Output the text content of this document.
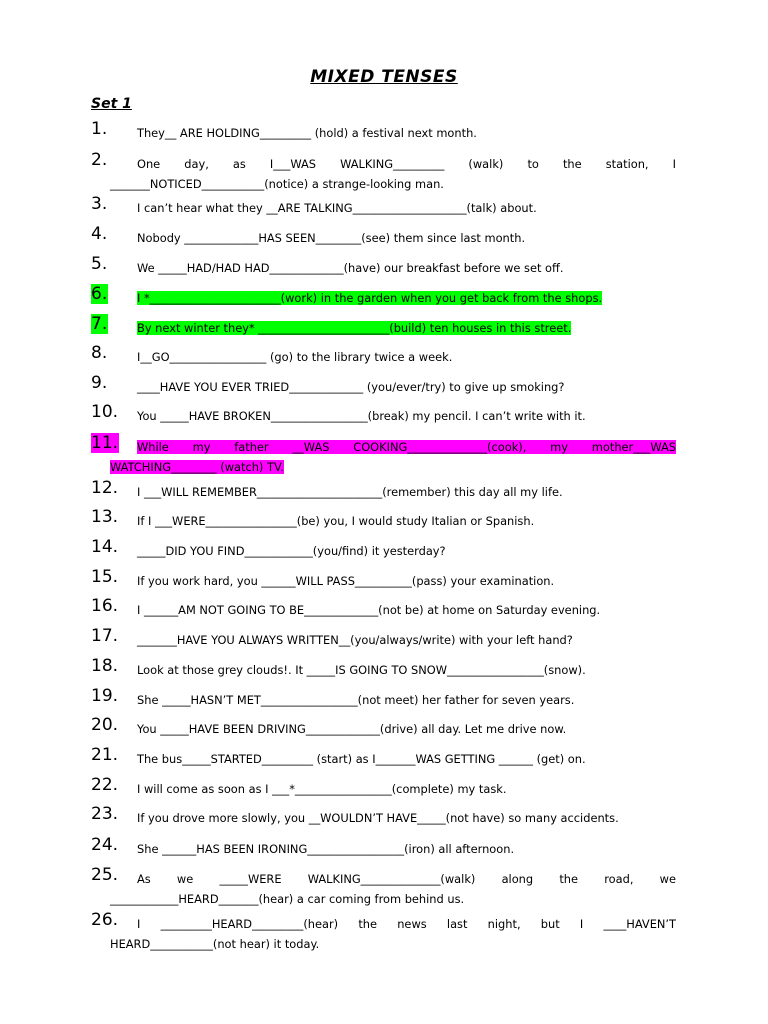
MIXED TENSES
Set 1
1.	They__ ARE HOLDING_________ (hold) a festival next month.
2.	One day, as I___WAS WALKING_________ (walk) to the station, I
_______NOTICED___________(notice) a strange-looking man.
3.	I can’t hear what they __ARE TALKING____________________(talk) about.
4.	Nobody _____________HAS SEEN________(see) them since last month.
5.	We _____HAD/HAD HAD_____________(have) our breakfast before we set off.
6.	I *_______________________(work) in the garden when you get back from the shops.
7.	By next winter they* _______________________(build) ten houses in this street.
8.	I__GO_________________ (go) to the library twice a week.
9.	____HAVE YOU EVER TRIED_____________ (you/ever/try) to give up smoking?
10. You _____HAVE BROKEN_________________(break) my pencil. I can’t write with it.
11. While my father __WAS COOKING______________(cook), my mother___WAS
WATCHING________ (watch) TV.
12. I ___WILL REMEMBER______________________(remember) this day all my life.
13. If I ___WERE________________(be) you, I would study Italian or Spanish.
14. _____DID YOU FIND____________(you/find) it yesterday?
15. If you work hard, you ______WILL PASS__________(pass) your examination.
16. I ______AM NOT GOING TO BE_____________(not be) at home on Saturday evening.
17. _______HAVE YOU ALWAYS WRITTEN__(you/always/write) with your left hand?
18. Look at those grey clouds!. It _____IS GOING TO SNOW_________________(snow).
19. She _____HASN’T MET_________________(not meet) her father for seven years.
20. You _____HAVE BEEN DRIVING_____________(drive) all day. Let me drive now.
21. The bus_____STARTED_________ (start) as I_______WAS GETTING ______ (get) on.
22. I will come as soon as I ___*_________________(complete) my task.
23. If you drove more slowly, you __WOULDN’T HAVE_____(not have) so many accidents.
24. She ______HAS BEEN IRONING_________________(iron) all afternoon.
25. As we _____WERE WALKING______________(walk) along the road, we
____________HEARD_______(hear) a car coming from behind us.
26. I _________HEARD_________(hear) the news last night, but I ____HAVEN’T
HEARD___________(not hear) it today.
